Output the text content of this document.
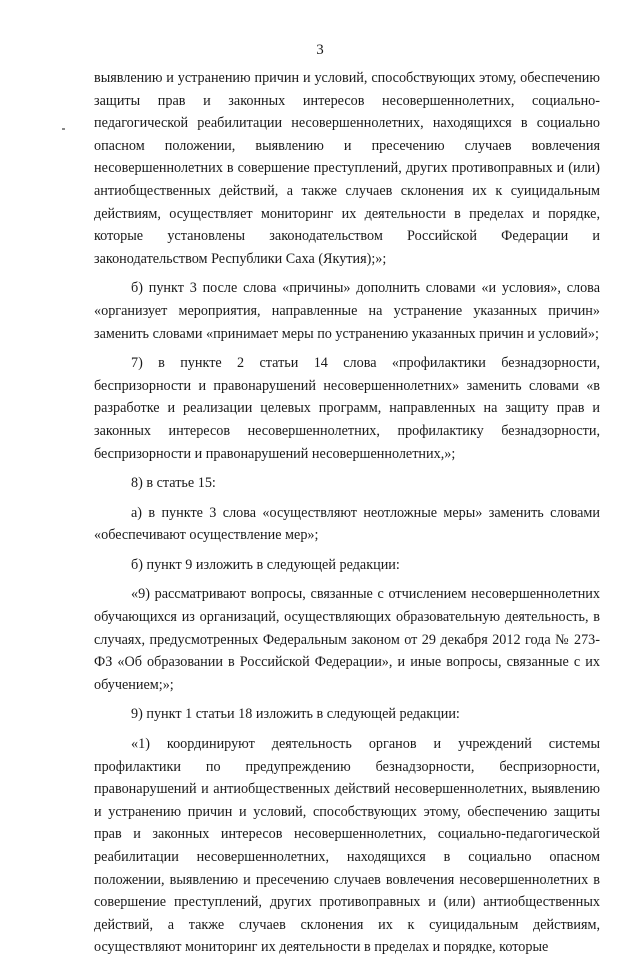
3

выявлению и устранению причин и условий, способствующих этому, обеспечению защиты прав и законных интересов несовершеннолетних, социально-педагогической реабилитации несовершеннолетних, находящихся в социально опасном положении, выявлению и пресечению случаев вовлечения несовершеннолетних в совершение преступлений, других противоправных и (или) антиобщественных действий, а также случаев склонения их к суицидальным действиям, осуществляет мониторинг их деятельности в пределах и порядке, которые установлены законодательством Российской Федерации и законодательством Республики Саха (Якутия);»;

б) пункт 3 после слова «причины» дополнить словами «и условия», слова «организует мероприятия, направленные на устранение указанных причин» заменить словами «принимает меры по устранению указанных причин и условий»;

7) в пункте 2 статьи 14 слова «профилактики безнадзорности, беспризорности и правонарушений несовершеннолетних» заменить словами «в разработке и реализации целевых программ, направленных на защиту прав и законных интересов несовершеннолетних, профилактику безнадзорности, беспризорности и правонарушений несовершеннолетних,»;

8) в статье 15:

а) в пункте 3 слова «осуществляют неотложные меры» заменить словами «обеспечивают осуществление мер»;

б) пункт 9 изложить в следующей редакции:

«9) рассматривают вопросы, связанные с отчислением несовершеннолетних обучающихся из организаций, осуществляющих образовательную деятельность, в случаях, предусмотренных Федеральным законом от 29 декабря 2012 года № 273-ФЗ «Об образовании в Российской Федерации», и иные вопросы, связанные с их обучением;»;

9) пункт 1 статьи 18 изложить в следующей редакции:

«1) координируют деятельность органов и учреждений системы профилактики по предупреждению безнадзорности, беспризорности, правонарушений и антиобщественных действий несовершеннолетних, выявлению и устранению причин и условий, способствующих этому, обеспечению защиты прав и законных интересов несовершеннолетних, социально-педагогической реабилитации несовершеннолетних, находящихся в социально опасном положении, выявлению и пресечению случаев вовлечения несовершеннолетних в совершение преступлений, других противоправных и (или) антиобщественных действий, а также случаев склонения их к суицидальным действиям, осуществляют мониторинг их деятельности в пределах и порядке, которые
